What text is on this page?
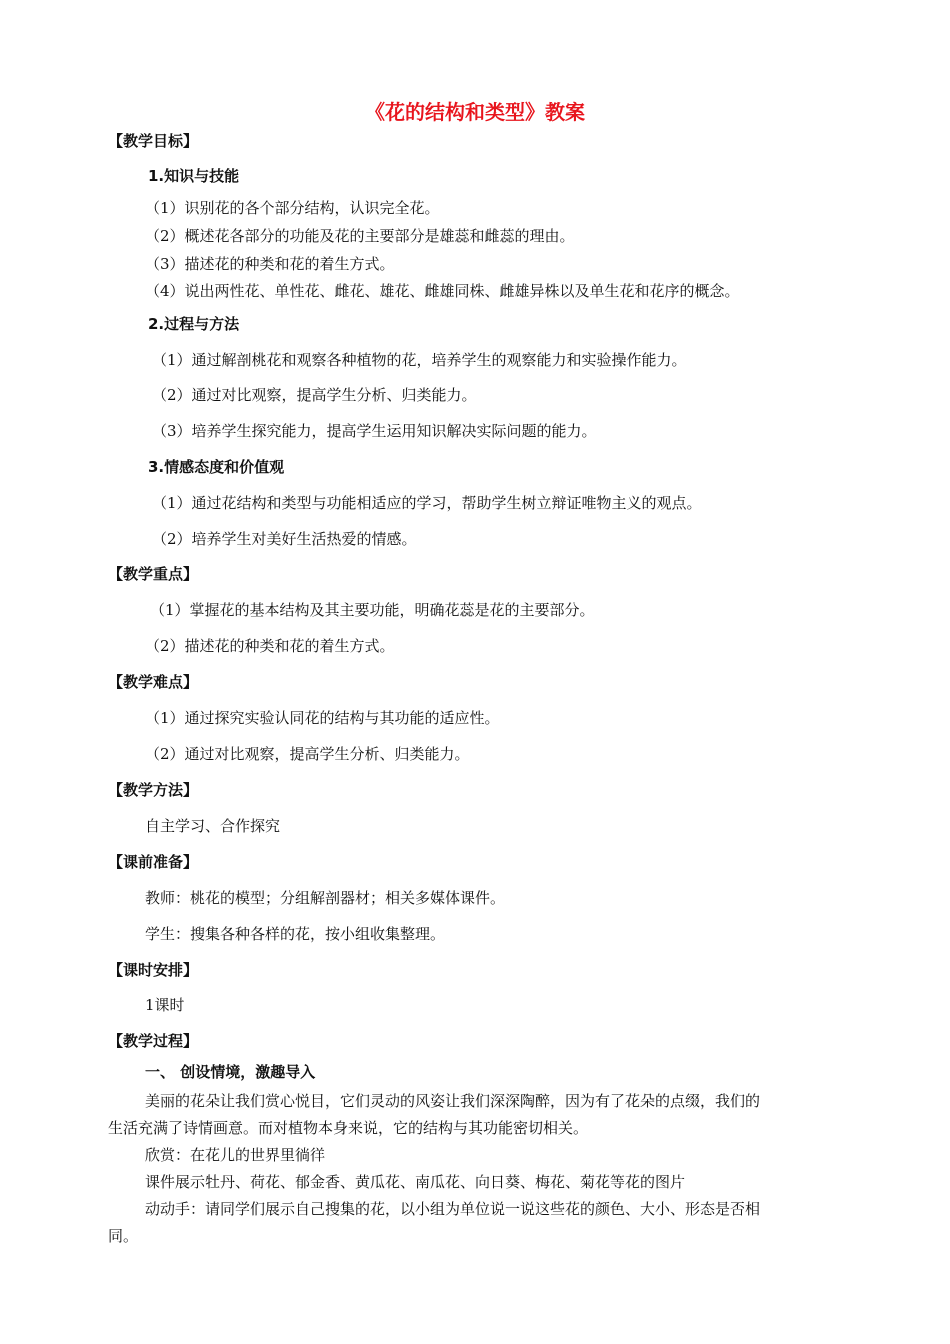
《花的结构和类型》教案
【教学目标】
1.知识与技能
（1）识别花的各个部分结构，认识完全花。
（2）概述花各部分的功能及花的主要部分是雄蕊和雌蕊的理由。
（3）描述花的种类和花的着生方式。
（4）说出两性花、单性花、雌花、雄花、雌雄同株、雌雄异株以及单生花和花序的概念。
2.过程与方法
（1）通过解剖桃花和观察各种植物的花，培养学生的观察能力和实验操作能力。
（2）通过对比观察，提高学生分析、归类能力。
（3）培养学生探究能力，提高学生运用知识解决实际问题的能力。
3.情感态度和价值观
（1）通过花结构和类型与功能相适应的学习，帮助学生树立辩证唯物主义的观点。
（2）培养学生对美好生活热爱的情感。
【教学重点】
（1）掌握花的基本结构及其主要功能，明确花蕊是花的主要部分。
（2）描述花的种类和花的着生方式。
【教学难点】
（1）通过探究实验认同花的结构与其功能的适应性。
（2）通过对比观察，提高学生分析、归类能力。
【教学方法】
自主学习、合作探究
【课前准备】
教师：桃花的模型；分组解剖器材；相关多媒体课件。
学生：搜集各种各样的花，按小组收集整理。
【课时安排】
1课时
【教学过程】
一、 创设情境，激趣导入
美丽的花朵让我们赏心悦目，它们灵动的风姿让我们深深陶醉，因为有了花朵的点缀，我们的
生活充满了诗情画意。而对植物本身来说，它的结构与其功能密切相关。
欣赏：在花儿的世界里徜徉
课件展示牡丹、荷花、郁金香、黄瓜花、南瓜花、向日葵、梅花、菊花等花的图片
动动手：请同学们展示自己搜集的花，以小组为单位说一说这些花的颜色、大小、形态是否相
同。
